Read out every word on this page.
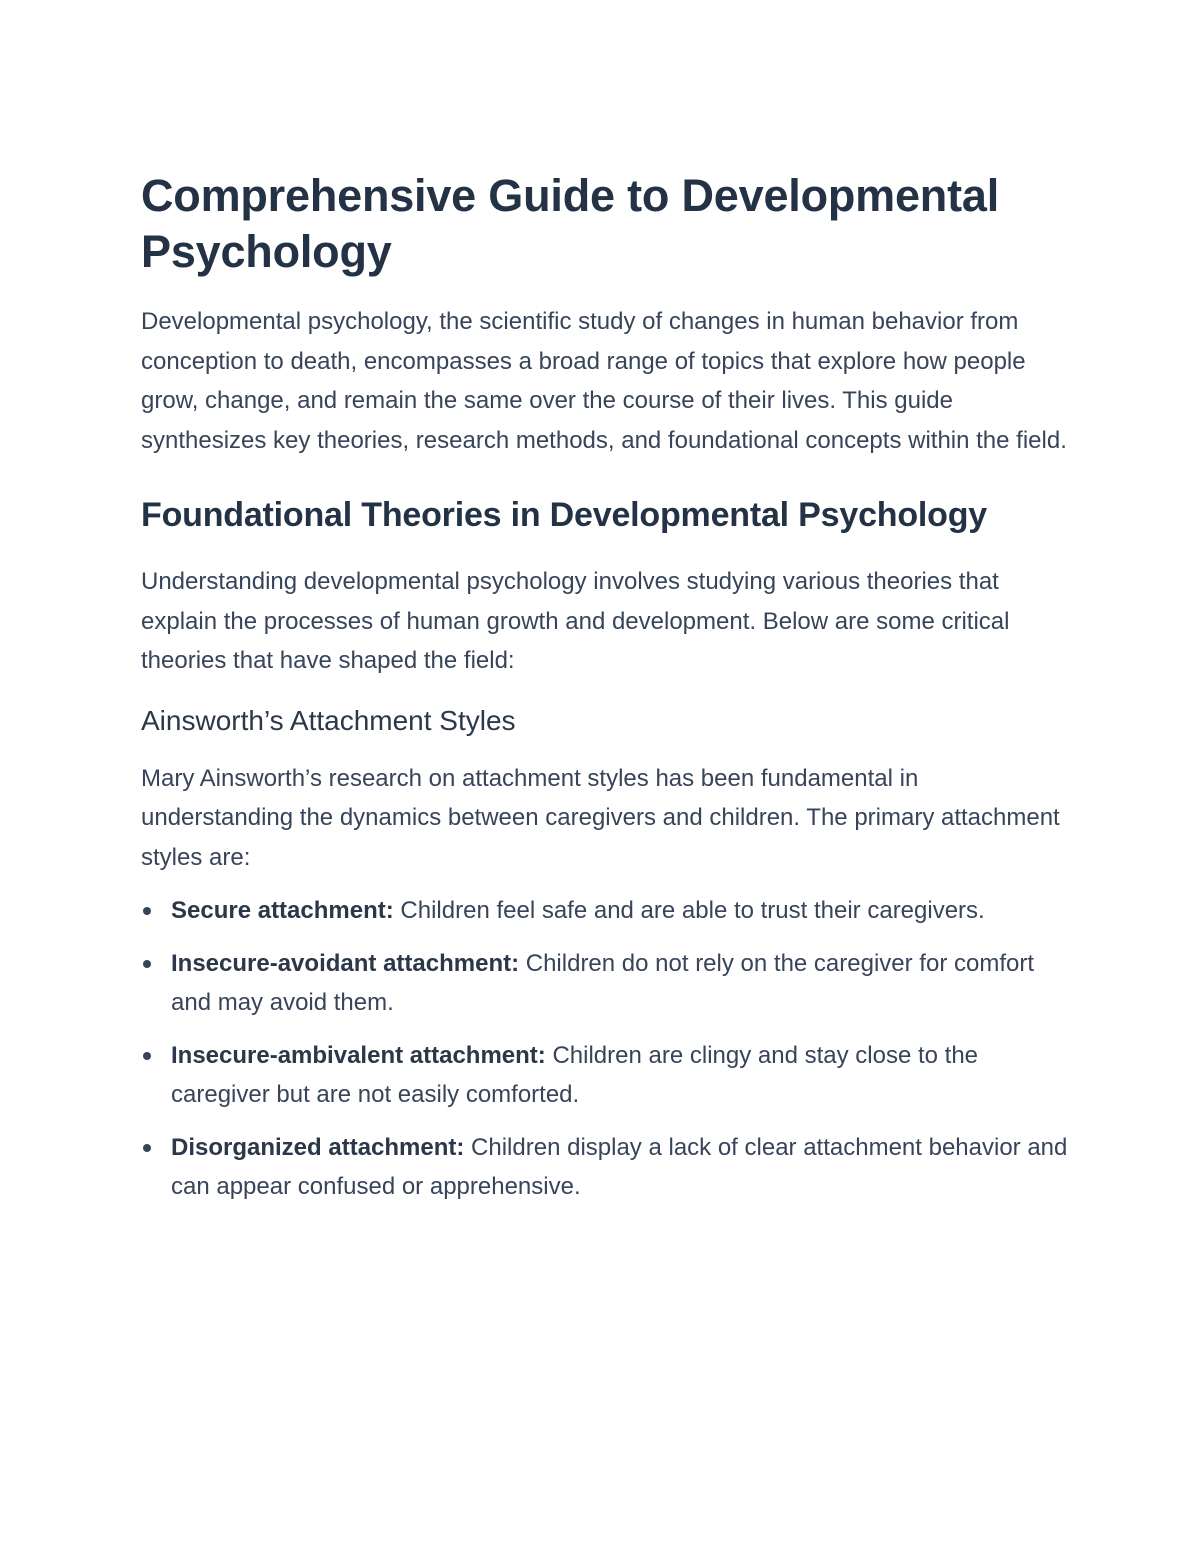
Comprehensive Guide to Developmental Psychology

Developmental psychology, the scientific study of changes in human behavior from conception to death, encompasses a broad range of topics that explore how people grow, change, and remain the same over the course of their lives. This guide synthesizes key theories, research methods, and foundational concepts within the field.

Foundational Theories in Developmental Psychology

Understanding developmental psychology involves studying various theories that explain the processes of human growth and development. Below are some critical theories that have shaped the field:

Ainsworth’s Attachment Styles

Mary Ainsworth’s research on attachment styles has been fundamental in understanding the dynamics between caregivers and children. The primary attachment styles are:

Secure attachment: Children feel safe and are able to trust their caregivers.
Insecure-avoidant attachment: Children do not rely on the caregiver for comfort and may avoid them.
Insecure-ambivalent attachment: Children are clingy and stay close to the caregiver but are not easily comforted.
Disorganized attachment: Children display a lack of clear attachment behavior and can appear confused or apprehensive.
